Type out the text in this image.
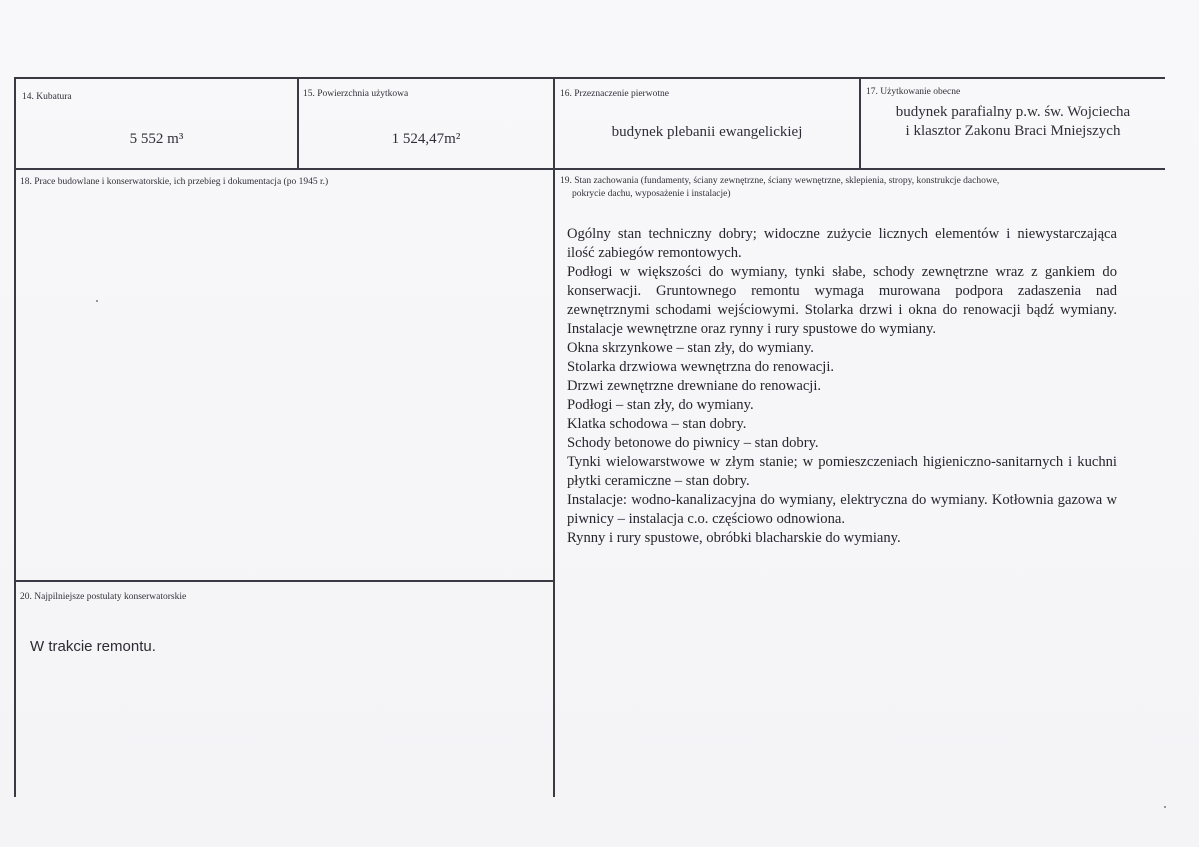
14. Kubatura
5 552 m³
15. Powierzchnia użytkowa
1 524,47m²
16. Przeznaczenie pierwotne
budynek plebanii ewangelickiej
17. Użytkowanie obecne
budynek parafialny p.w. św. Wojciecha
i klasztor Zakonu Braci Mniejszych
18. Prace budowlane i konserwatorskie, ich przebieg i dokumentacja (po 1945 r.)	19. Stan zachowania (fundamenty, ściany zewnętrzne, ściany wewnętrzne, sklepienia, stropy, konstrukcje dachowe,
pokrycie dachu, wyposażenie i instalacje)

Ogólny stan techniczny dobry; widoczne zużycie licznych elementów i niewystarczająca ilość zabiegów remontowych.

Podłogi w większości do wymiany, tynki słabe, schody zewnętrzne wraz z gankiem do konserwacji. Gruntownego remontu wymaga murowana podpora zadaszenia nad zewnętrznymi schodami wejściowymi. Stolarka drzwi i okna do renowacji bądź wymiany. Instalacje wewnętrzne oraz rynny i rury spustowe do wymiany.

Okna skrzynkowe – stan zły, do wymiany.

Stolarka drzwiowa wewnętrzna do renowacji.

Drzwi zewnętrzne drewniane do renowacji.

Podłogi – stan zły, do wymiany.

Klatka schodowa – stan dobry.

Schody betonowe do piwnicy – stan dobry.

Tynki wielowarstwowe w złym stanie; w pomieszczeniach higieniczno-sanitarnych i kuchni płytki ceramiczne – stan dobry.

Instalacje: wodno-kanalizacyjna do wymiany, elektryczna do wymiany. Kotłownia gazowa w piwnicy – instalacja c.o. częściowo odnowiona.

Rynny i rury spustowe, obróbki blacharskie do wymiany.

20. Najpilniejsze postulaty konserwatorskie
W trakcie remontu.
